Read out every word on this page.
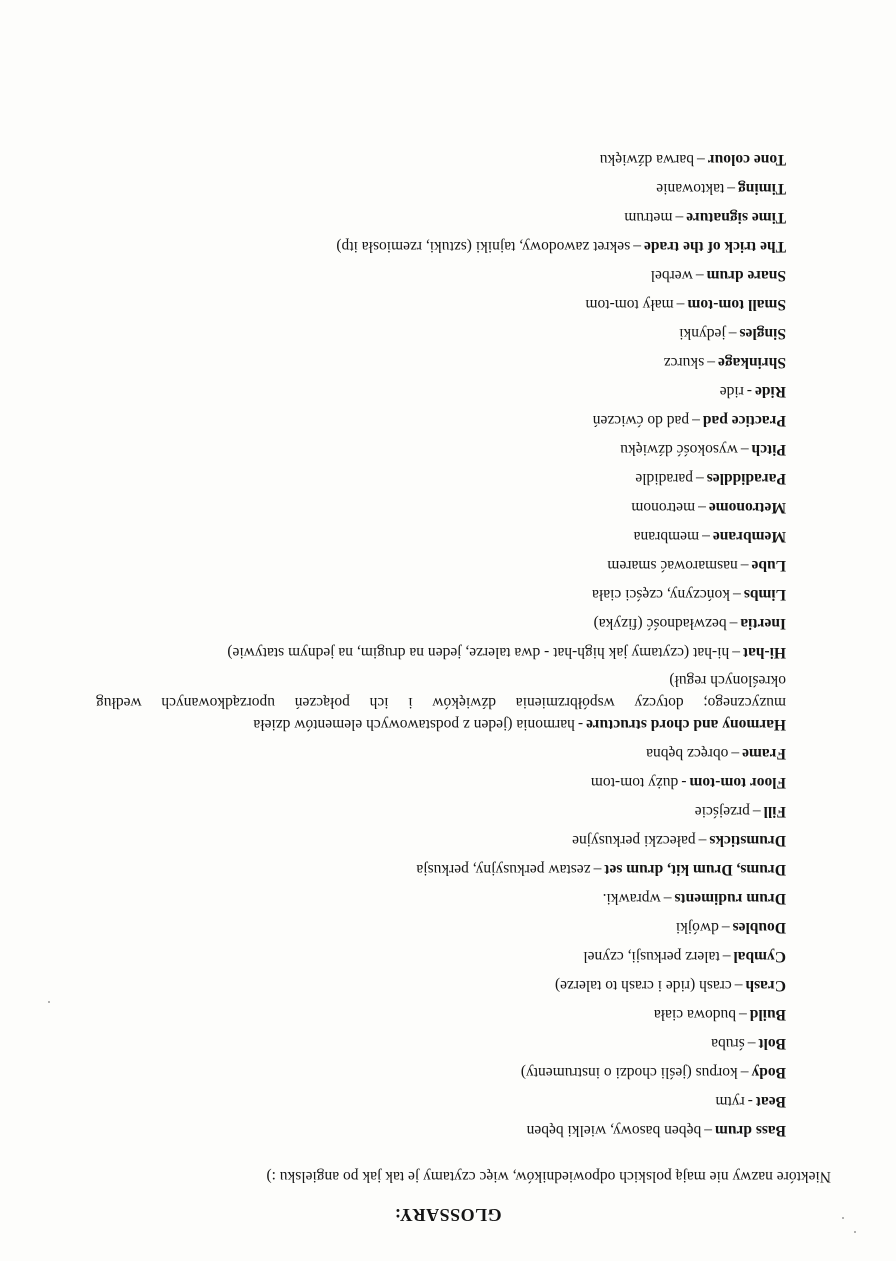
GLOSSARY:
Niektóre nazwy nie mają polskich odpowiedników, więc czytamy je tak jak po angielsku :)
Bass drum–bęben basowy, wielki bęben
Beat-rytm
Body–korpus (jeśli chodzi o instrumenty)
Bolt–śruba
Build–budowa ciała
Crash–crash (ride i crash to talerze)
Cymbal–talerz perkusji, czynel
Doubles–dwójki
Drum rudiments–wprawki.
Drums, Drum kit, drum set–zestaw perkusyjny, perkusja
Drumsticks–pałeczki perkusyjne
Fill–przejście
Floor tom-tom-duży tom-tom
Frame–obręcz bębna
Harmony and chord structure-harmonia (jeden z podstawowych elementów dzieła
muzycznego; dotyczy współbrzmienia dźwięków i ich połączeń uporządkowanych według
określonych reguł)
Hi-hat–hi-hat (czytamy jak high-hat - dwa talerze, jeden na drugim, na jednym statywie)
Inertia–bezwładność (fizyka)
Limbs–kończyny, części ciała
Lube–nasmarować smarem
Membrane–membrana
Metronome–metronom
Paradiddles–paradidle
Pitch–wysokość dźwięku
Practice pad–pad do ćwiczeń
Ride-ride
Shrinkage–skurcz
Singles–jedynki
Small tom-tom–mały tom-tom
Snare drum–werbel
The trick of the trade–sekret zawodowy, tajniki (sztuki, rzemiosła itp)
Time signature–metrum
Timing–taktowanie
Tone colour–barwa dźwięku
